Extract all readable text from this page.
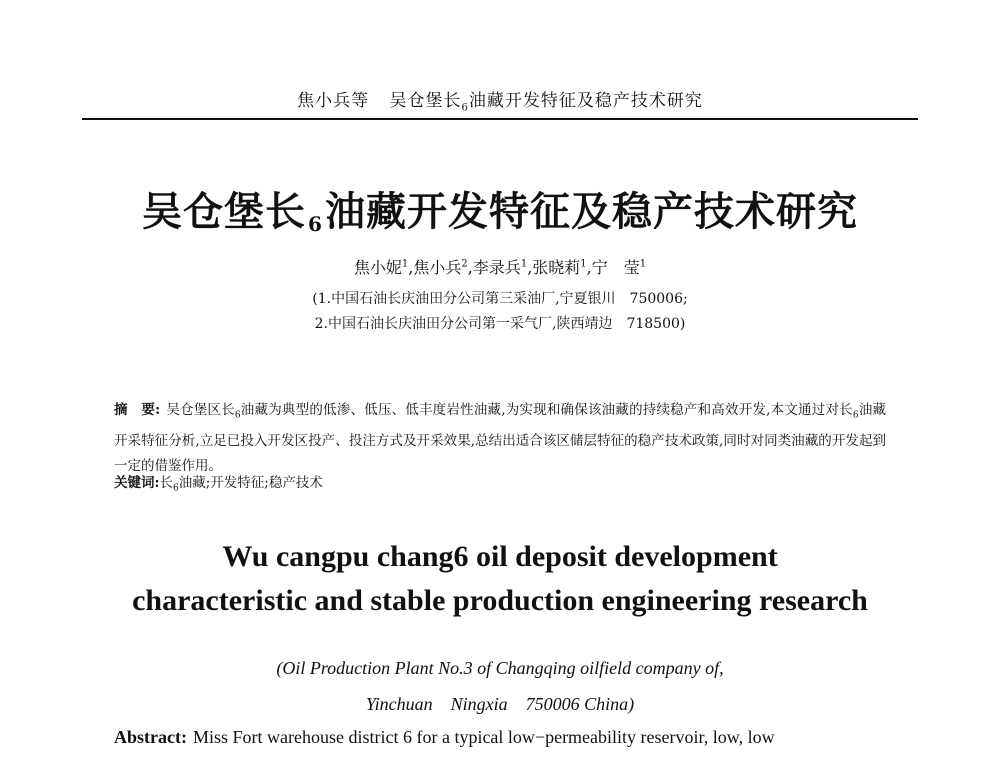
焦小兵等 吴仓堡长$_6$油藏开发特征及稳产技术研究
吴仓堡长 $_6$油藏开发特征及稳产技术研究
焦小妮$^1$,焦小兵$^2$,李录兵$^1$,张晓莉$^1$,宁　莹$^1$
(1.中国石油长庆油田分公司第三采油厂,宁夏银川　750006;
2.中国石油长庆油田分公司第一采气厂,陕西靖边　718500)
摘　要: 吴仓堡区长$_6$油藏为典型的低渗、低压、低丰度岩性油藏,为实现和确保该油藏的持续稳产和高效开发,本文通过对长$_6$油藏开采特征分析,立足已投入开发区投产、投注方式及开采效果,总结出适合该区储层特征的稳产技术政策,同时对同类油藏的开发起到一定的借鉴作用。
关键词:长$_6$油藏;开发特征;稳产技术
Wu cangpu chang6 oil deposit development
characteristic and stable production engineering research
(Oil Production Plant No.3 of Changqing oilfield company of,
Yinchuan　Ningxia　750006 China)
Abstract: Miss Fort warehouse district 6 for a typical low−permeability reservoir, low, low
